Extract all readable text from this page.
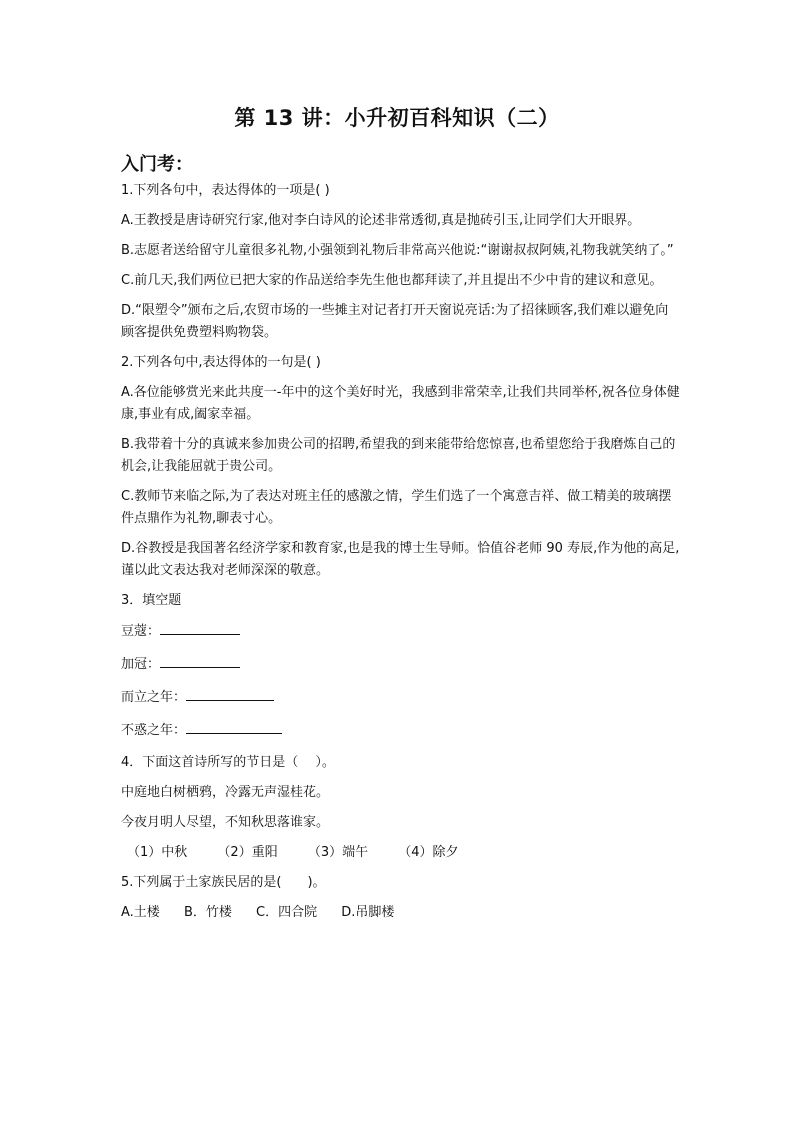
第 13 讲：小升初百科知识（二）
入门考：

1.下列各句中，表达得体的一项是( )

A.王教授是唐诗研究行家,他对李白诗风的论述非常透彻,真是抛砖引玉,让同学们大开眼界。

B.志愿者送给留守儿童很多礼物,小强领到礼物后非常高兴他说:“谢谢叔叔阿姨,礼物我就笑纳了。”

C.前几天,我们两位已把大家的作品送给李先生他也都拜读了,并且提出不少中肯的建议和意见。

D.“限塑令”颁布之后,农贸市场的一些摊主对记者打开天窗说亮话:为了招徕顾客,我们难以避免向顾客提供免费塑料购物袋。

2.下列各句中,表达得体的一句是( )

A.各位能够赏光来此共度一-年中的这个美好时光，我感到非常荣幸,让我们共同举杯,祝各位身体健康,事业有成,阖家幸福。

B.我带着十分的真诚来参加贵公司的招聘,希望我的到来能带给您惊喜,也希望您给于我磨炼自己的机会,让我能屈就于贵公司。

C.教师节来临之际,为了表达对班主任的感激之情，学生们选了一个寓意吉祥、做工精美的玻璃摆件点鼎作为礼物,聊表寸心。

D.谷教授是我国著名经济学家和教育家,也是我的博士生导师。恰值谷老师 90 寿辰,作为他的高足,谨以此文表达我对老师深深的敬意。

3．填空题

豆蔻：

加冠：

而立之年：

不惑之年：

4．下面这首诗所写的节日是（　 ）。

中庭地白树栖鸦，冷露无声湿桂花。

今夜月明人尽望，不知秋思落谁家。

（1）中秋 （2）重阳 （3）端午 （4）除夕

5.下列属于土家族民居的是(　　)。

A.土楼 B．竹楼 C．四合院 D.吊脚楼
